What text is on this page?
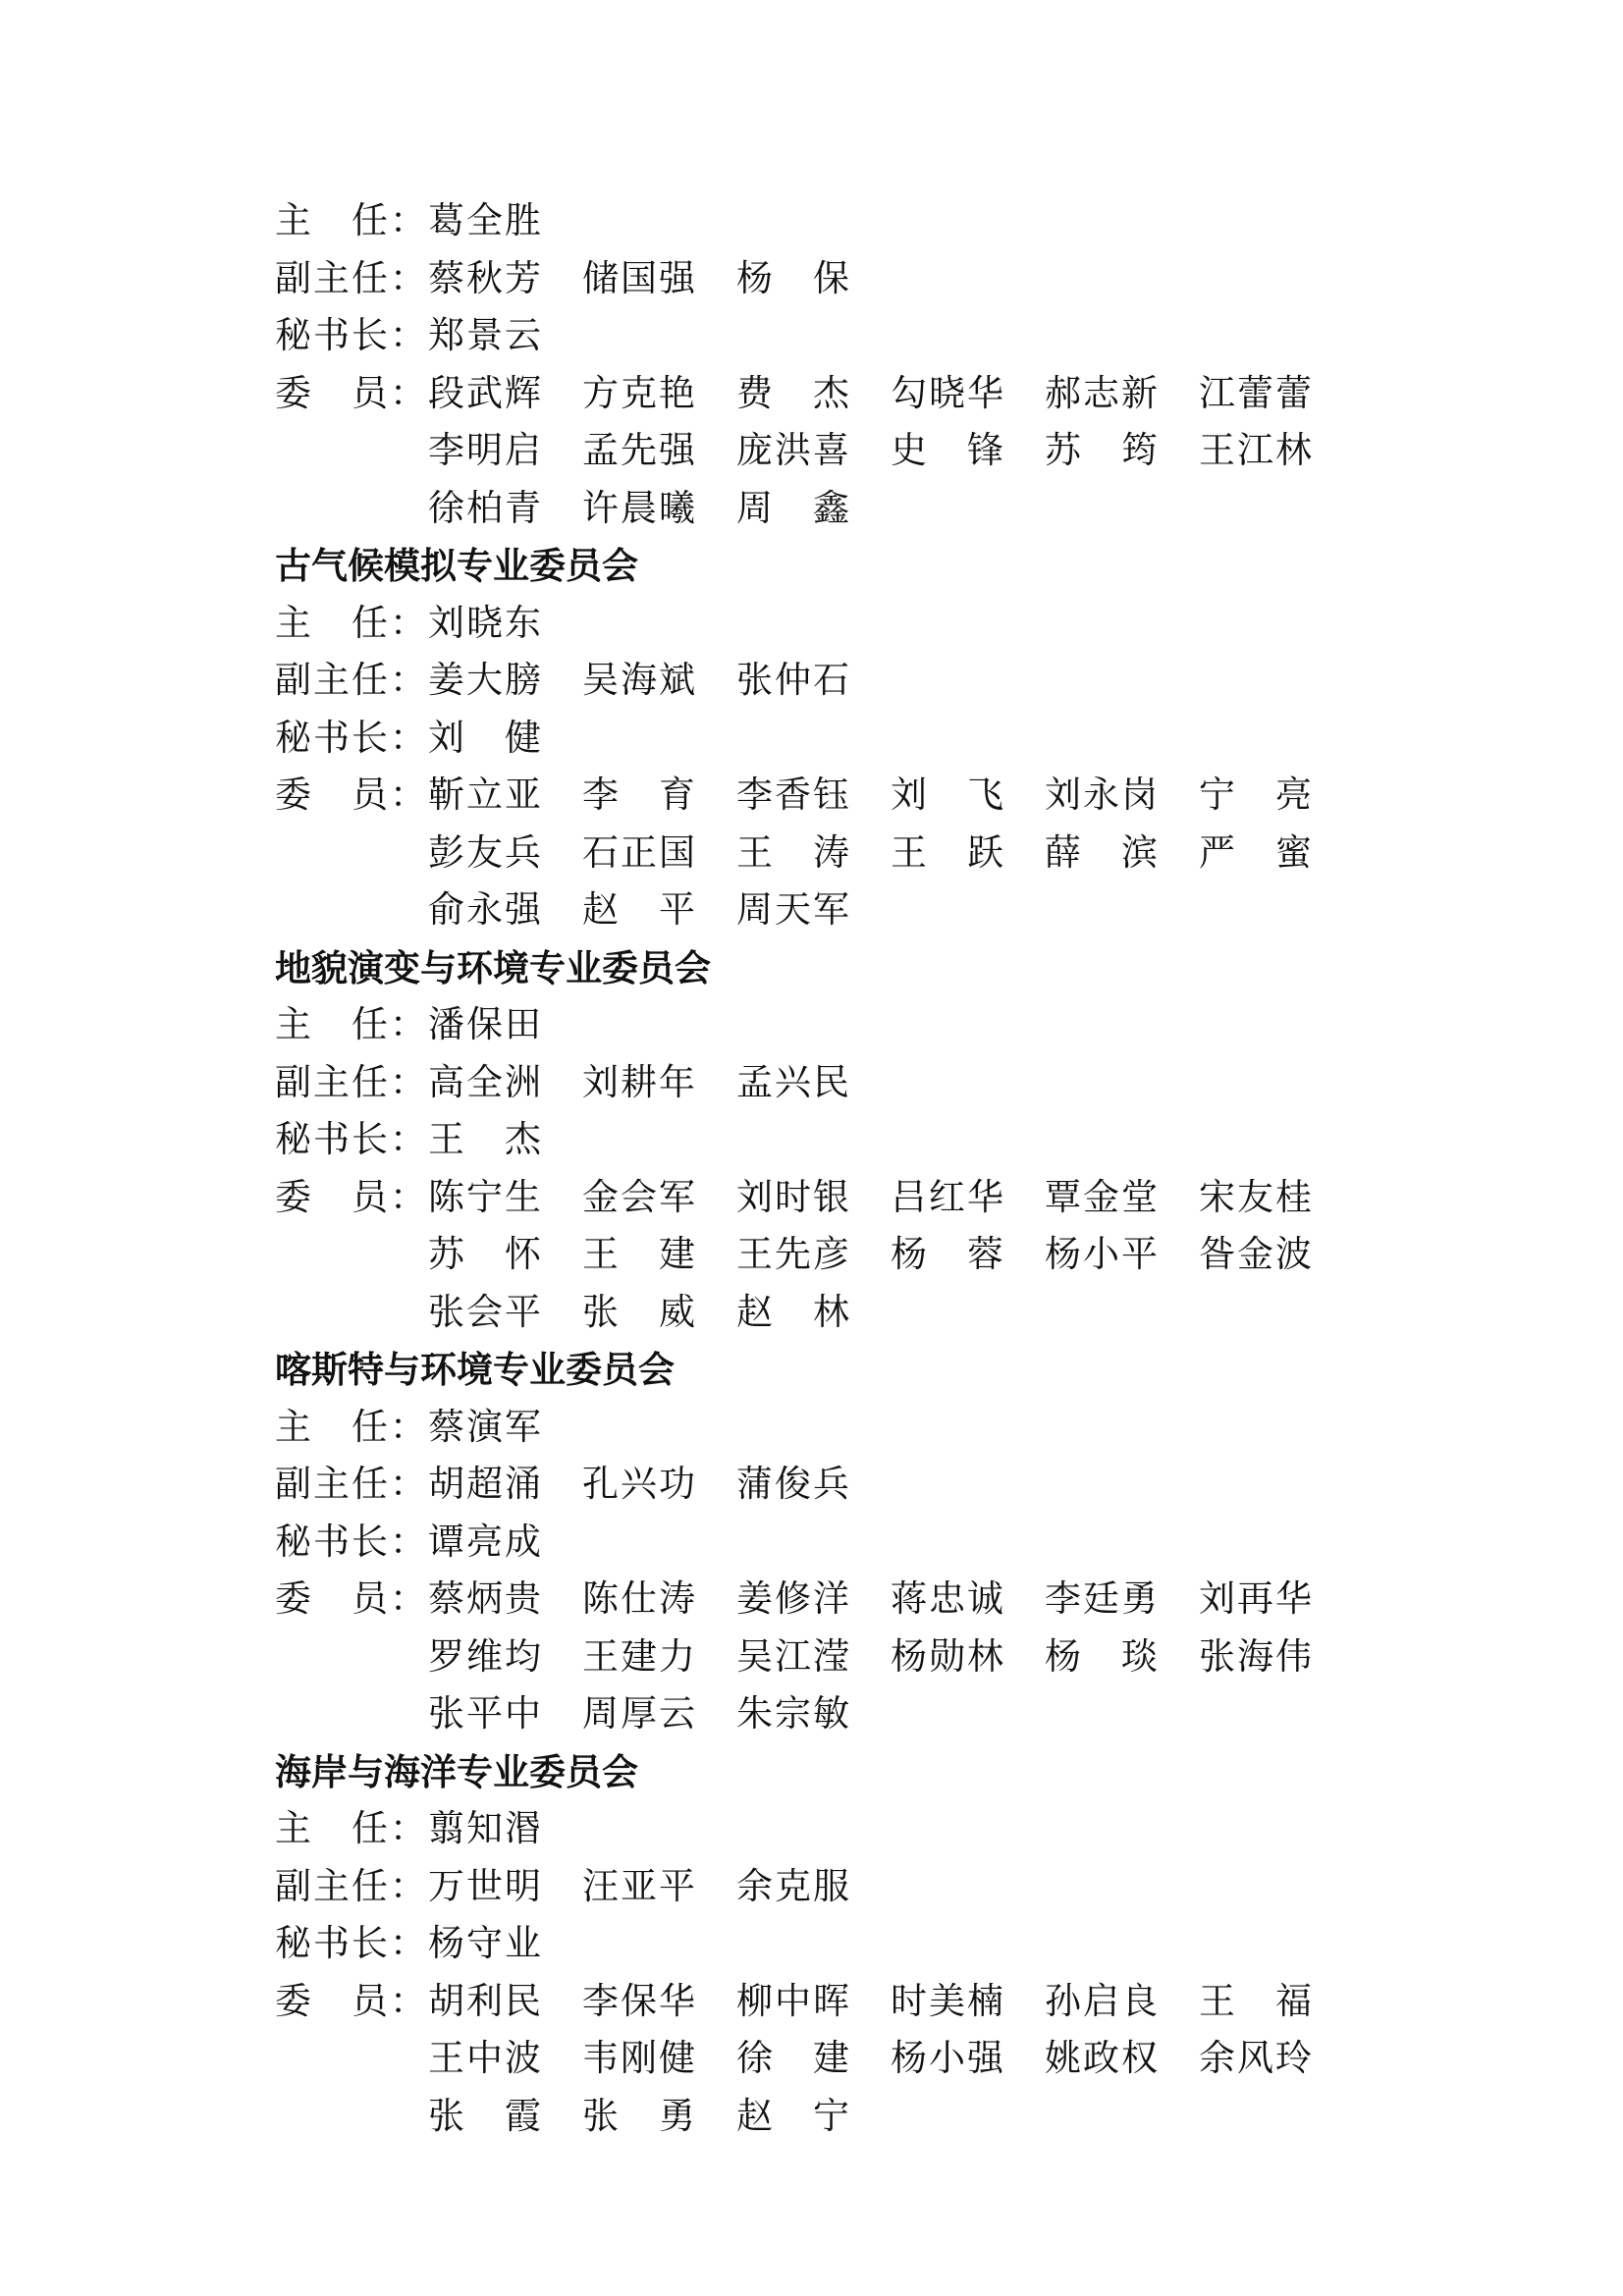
主 任 ： 葛 全 胜
副 主 任 ： 蔡 秋 芳 储 国 强 杨 保
秘 书 长 ： 郑 景 云
委 员 ： 段 武 辉 方 克 艳 费 杰 勾 晓 华 郝 志 新 江 蕾 蕾
李 明 启 孟 先 强 庞 洪 喜 史 锋 苏 筠 王 江 林
徐 柏 青 许 晨 曦 周 鑫
古气候模拟专业委员会
主 任 ： 刘 晓 东
副 主 任 ： 姜 大 膀 吴 海 斌 张 仲 石
秘 书 长 ： 刘 健
委 员 ： 靳 立 亚 李 育 李 香 钰 刘 飞 刘 永 岗 宁 亮
彭 友 兵 石 正 国 王 涛 王 跃 薛 滨 严 蜜
俞 永 强 赵 平 周 天 军
地貌演变与环境专业委员会
主 任 ： 潘 保 田
副 主 任 ： 高 全 洲 刘 耕 年 孟 兴 民
秘 书 长 ： 王 杰
委 员 ： 陈 宁 生 金 会 军 刘 时 银 吕 红 华 覃 金 堂 宋 友 桂
苏 怀 王 建 王 先 彦 杨 蓉 杨 小 平 昝 金 波
张 会 平 张 威 赵 林
喀斯特与环境专业委员会
主 任 ： 蔡 演 军
副 主 任 ： 胡 超 涌 孔 兴 功 蒲 俊 兵
秘 书 长 ： 谭 亮 成
委 员 ： 蔡 炳 贵 陈 仕 涛 姜 修 洋 蒋 忠 诚 李 廷 勇 刘 再 华
罗 维 均 王 建 力 吴 江 滢 杨 勋 林 杨 琰 张 海 伟
张 平 中 周 厚 云 朱 宗 敏
海岸与海洋专业委员会
主 任 ： 翦 知 湣
副 主 任 ： 万 世 明 汪 亚 平 余 克 服
秘 书 长 ： 杨 守 业
委 员 ： 胡 利 民 李 保 华 柳 中 晖 时 美 楠 孙 启 良 王 福
王 中 波 韦 刚 健 徐 建 杨 小 强 姚 政 权 余 风 玲
张 霞 张 勇 赵 宁
